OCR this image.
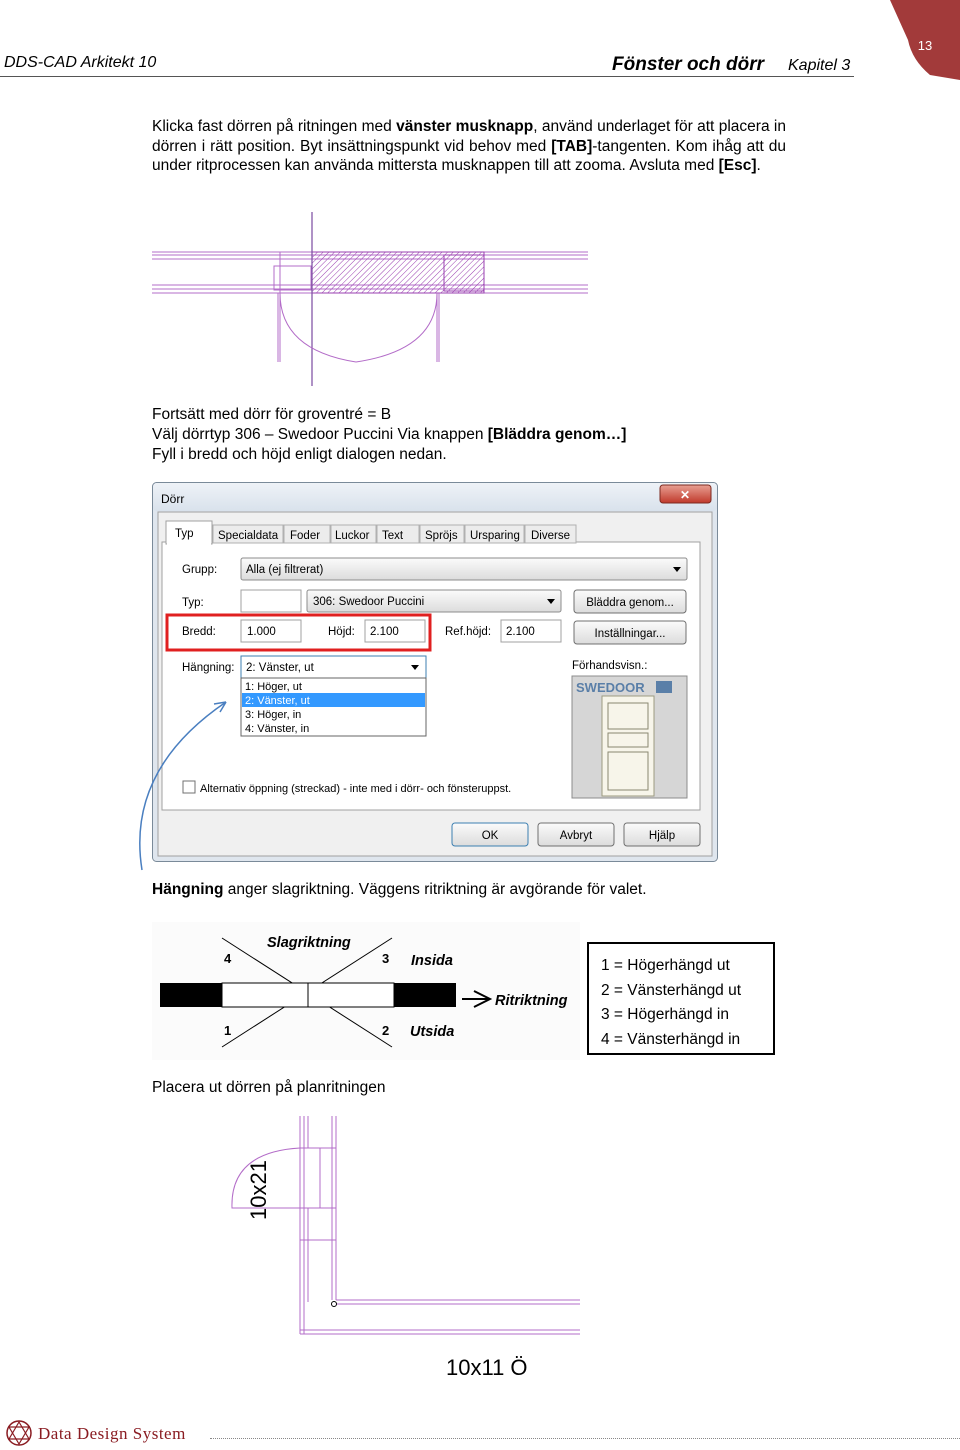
DDS-CAD Arkitekt 10	Fönster och dörr Kapitel 3
13
Klicka fast dörren på ritningen med vänster musknapp, använd underlaget för att placera in dörren i rätt position. Byt insättningspunkt vid behov med [TAB]-tangenten. Kom ihåg att du under ritprocessen kan använda mittersta musknappen till att zooma. Avsluta med [Esc].
Fortsätt med dörr för groventré = B
Välj dörrtyp 306 – Swedoor Puccini Via knappen [Bläddra genom…]
Fyll i bredd och höjd enligt dialogen nedan.
Dörr	✕
Typ Specialdata Foder Luckor Text Spröjs Ursparing Diverse
Grupp:	Alla (ej filtrerat)
Typ:	306: Swedoor Puccini	Bläddra genom...
Bredd:	1.000	Höjd: 2.100	Ref.höjd: 2.100	Inställningar...
Hängning: 2: Vänster, ut
1: Höger, ut
2: Vänster, ut
3: Höger, in
4: Vänster, in
Förhandsvisn.:
SWEDOOR
Alternativ öppning (streckad) - inte med i dörr- och fönsteruppst.
OK	Avbryt	Hjälp
Hängning anger slagriktning. Väggens ritriktning är avgörande för valet.
Slagriktning
4	3 Insida
Ritriktning
1	2 Utsida
1 = Högerhängd ut
2 = Vänsterhängd ut
3 = Högerhängd in
4 = Vänsterhängd in
Placera ut dörren på planritningen
10x21
10x11 Ö
Data Design System
